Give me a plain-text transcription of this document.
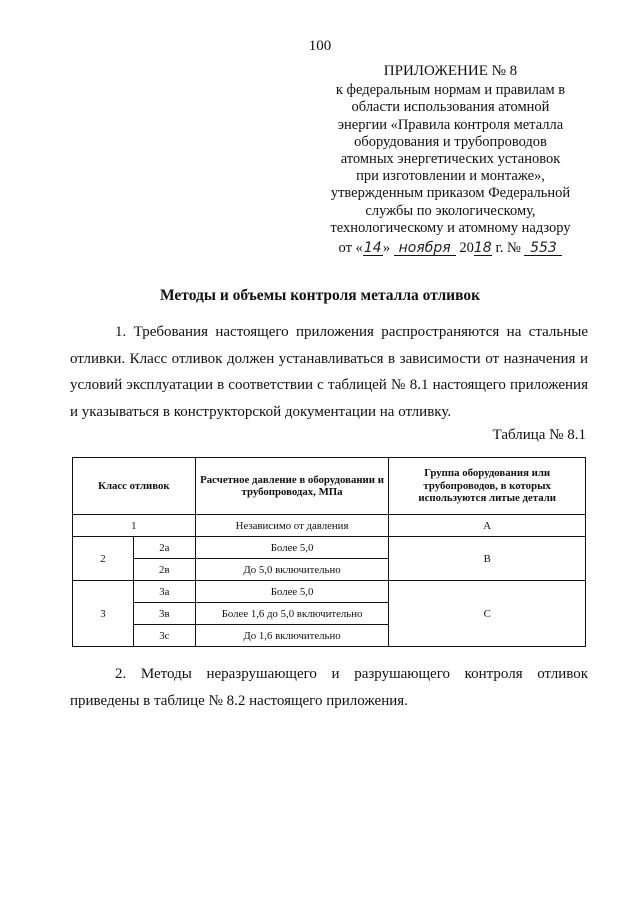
100
ПРИЛОЖЕНИЕ № 8
к федеральным нормам и правилам в
области использования атомной
энергии «Правила контроля металла
оборудования и трубопроводов
атомных энергетических установок
при изготовлении и монтаже»,
утвержденным приказом Федеральной
службы по экологическому,
технологическому и атомному надзору
от «14» ноября 2018 г. № 553
Методы и объемы контроля металла отливок
1. Требования настоящего приложения распространяются на стальные отливки. Класс отливок должен устанавливаться в зависимости от назначения и условий эксплуатации в соответствии с таблицей № 8.1 настоящего приложения и указываться в конструкторской документации на отливку.
Таблица № 8.1
Класс отливок		Расчетное давление в оборудовании и трубопроводах, МПа	Группа оборудования или трубопроводов, в которых используются литые детали
1		Независимо от давления	А
2	2а	Более 5,0	В
	2в	До 5,0 включительно	
3	3а	Более 5,0	С
	3в	Более 1,6 до 5,0 включительно	
	3с	До 1,6 включительно	
2. Методы неразрушающего и разрушающего контроля отливок приведены в таблице № 8.2 настоящего приложения.
